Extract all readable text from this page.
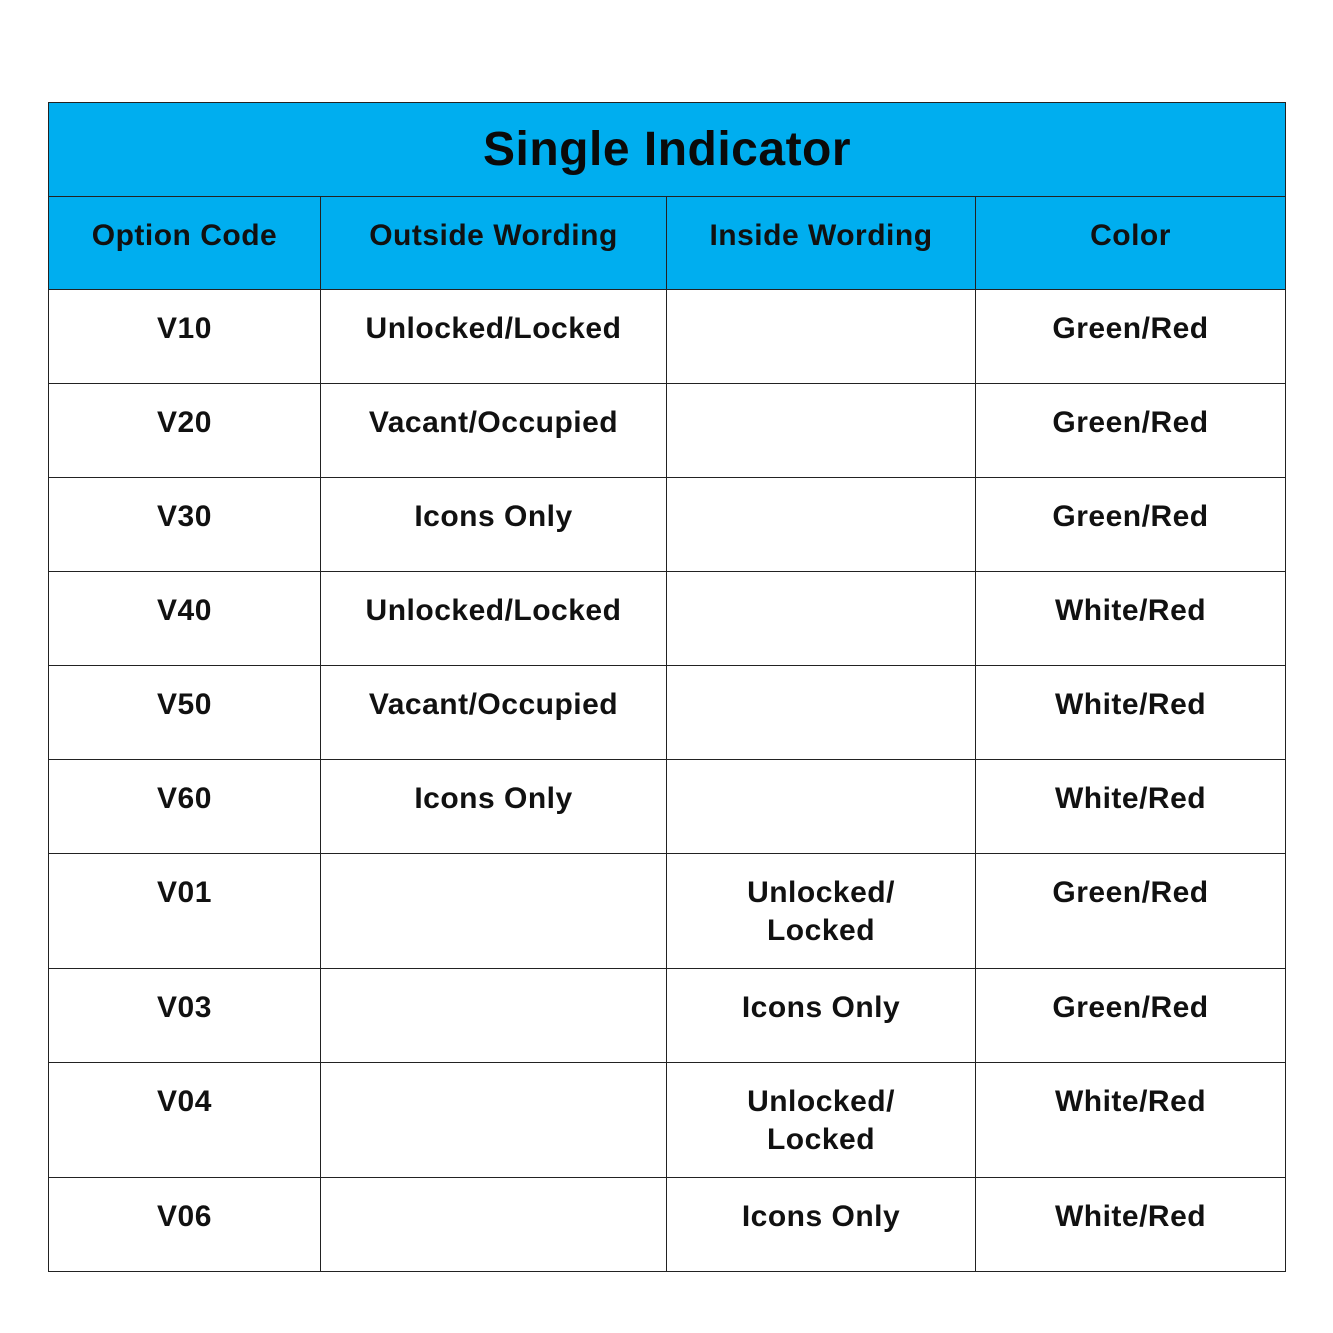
Single Indicator			
Option Code	Outside Wording	Inside Wording	Color
V10	Unlocked/Locked		Green/Red
V20	Vacant/Occupied		Green/Red
V30	Icons Only		Green/Red
V40	Unlocked/Locked		White/Red
V50	Vacant/Occupied		White/Red
V60	Icons Only		White/Red
V01		Unlocked/ Locked	Green/Red
V03		Icons Only	Green/Red
V04		Unlocked/ Locked	White/Red
V06		Icons Only	White/Red
